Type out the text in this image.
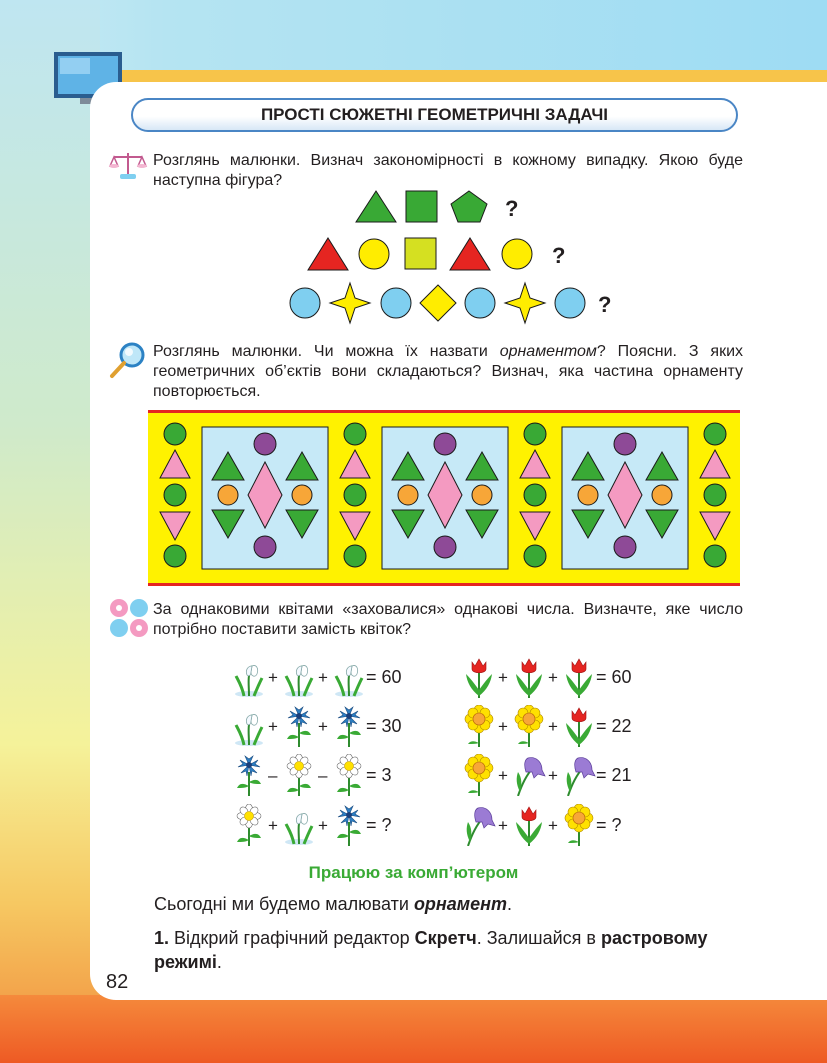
ПРОСТІ СЮЖЕТНІ ГЕОМЕТРИЧНІ ЗАДАЧІ
Розглянь малюнки. Визнач закономірності в кожному випадку. Якою буде наступна фігура?
?
?
?
Розглянь малюнки. Чи можна їх назвати орнаментом? Поясни. З яких геометричних об’єктів вони складаються? Визнач, яка частина орнаменту повторюється.
За однаковими квітами «заховалися» однакові числа. Визначте, яке число потрібно поставити замість квіток?
+ + = 60
+ + = 30
– – = 3
+ + = ?
+ + = 60
+ + = 22
+ + = 21
+ + = ?
Працюю за комп’ютером
Сьогодні ми будемо малювати орнамент.
1. Відкрий графічний редактор Скретч. Залишайся в растровому режимі.
82
